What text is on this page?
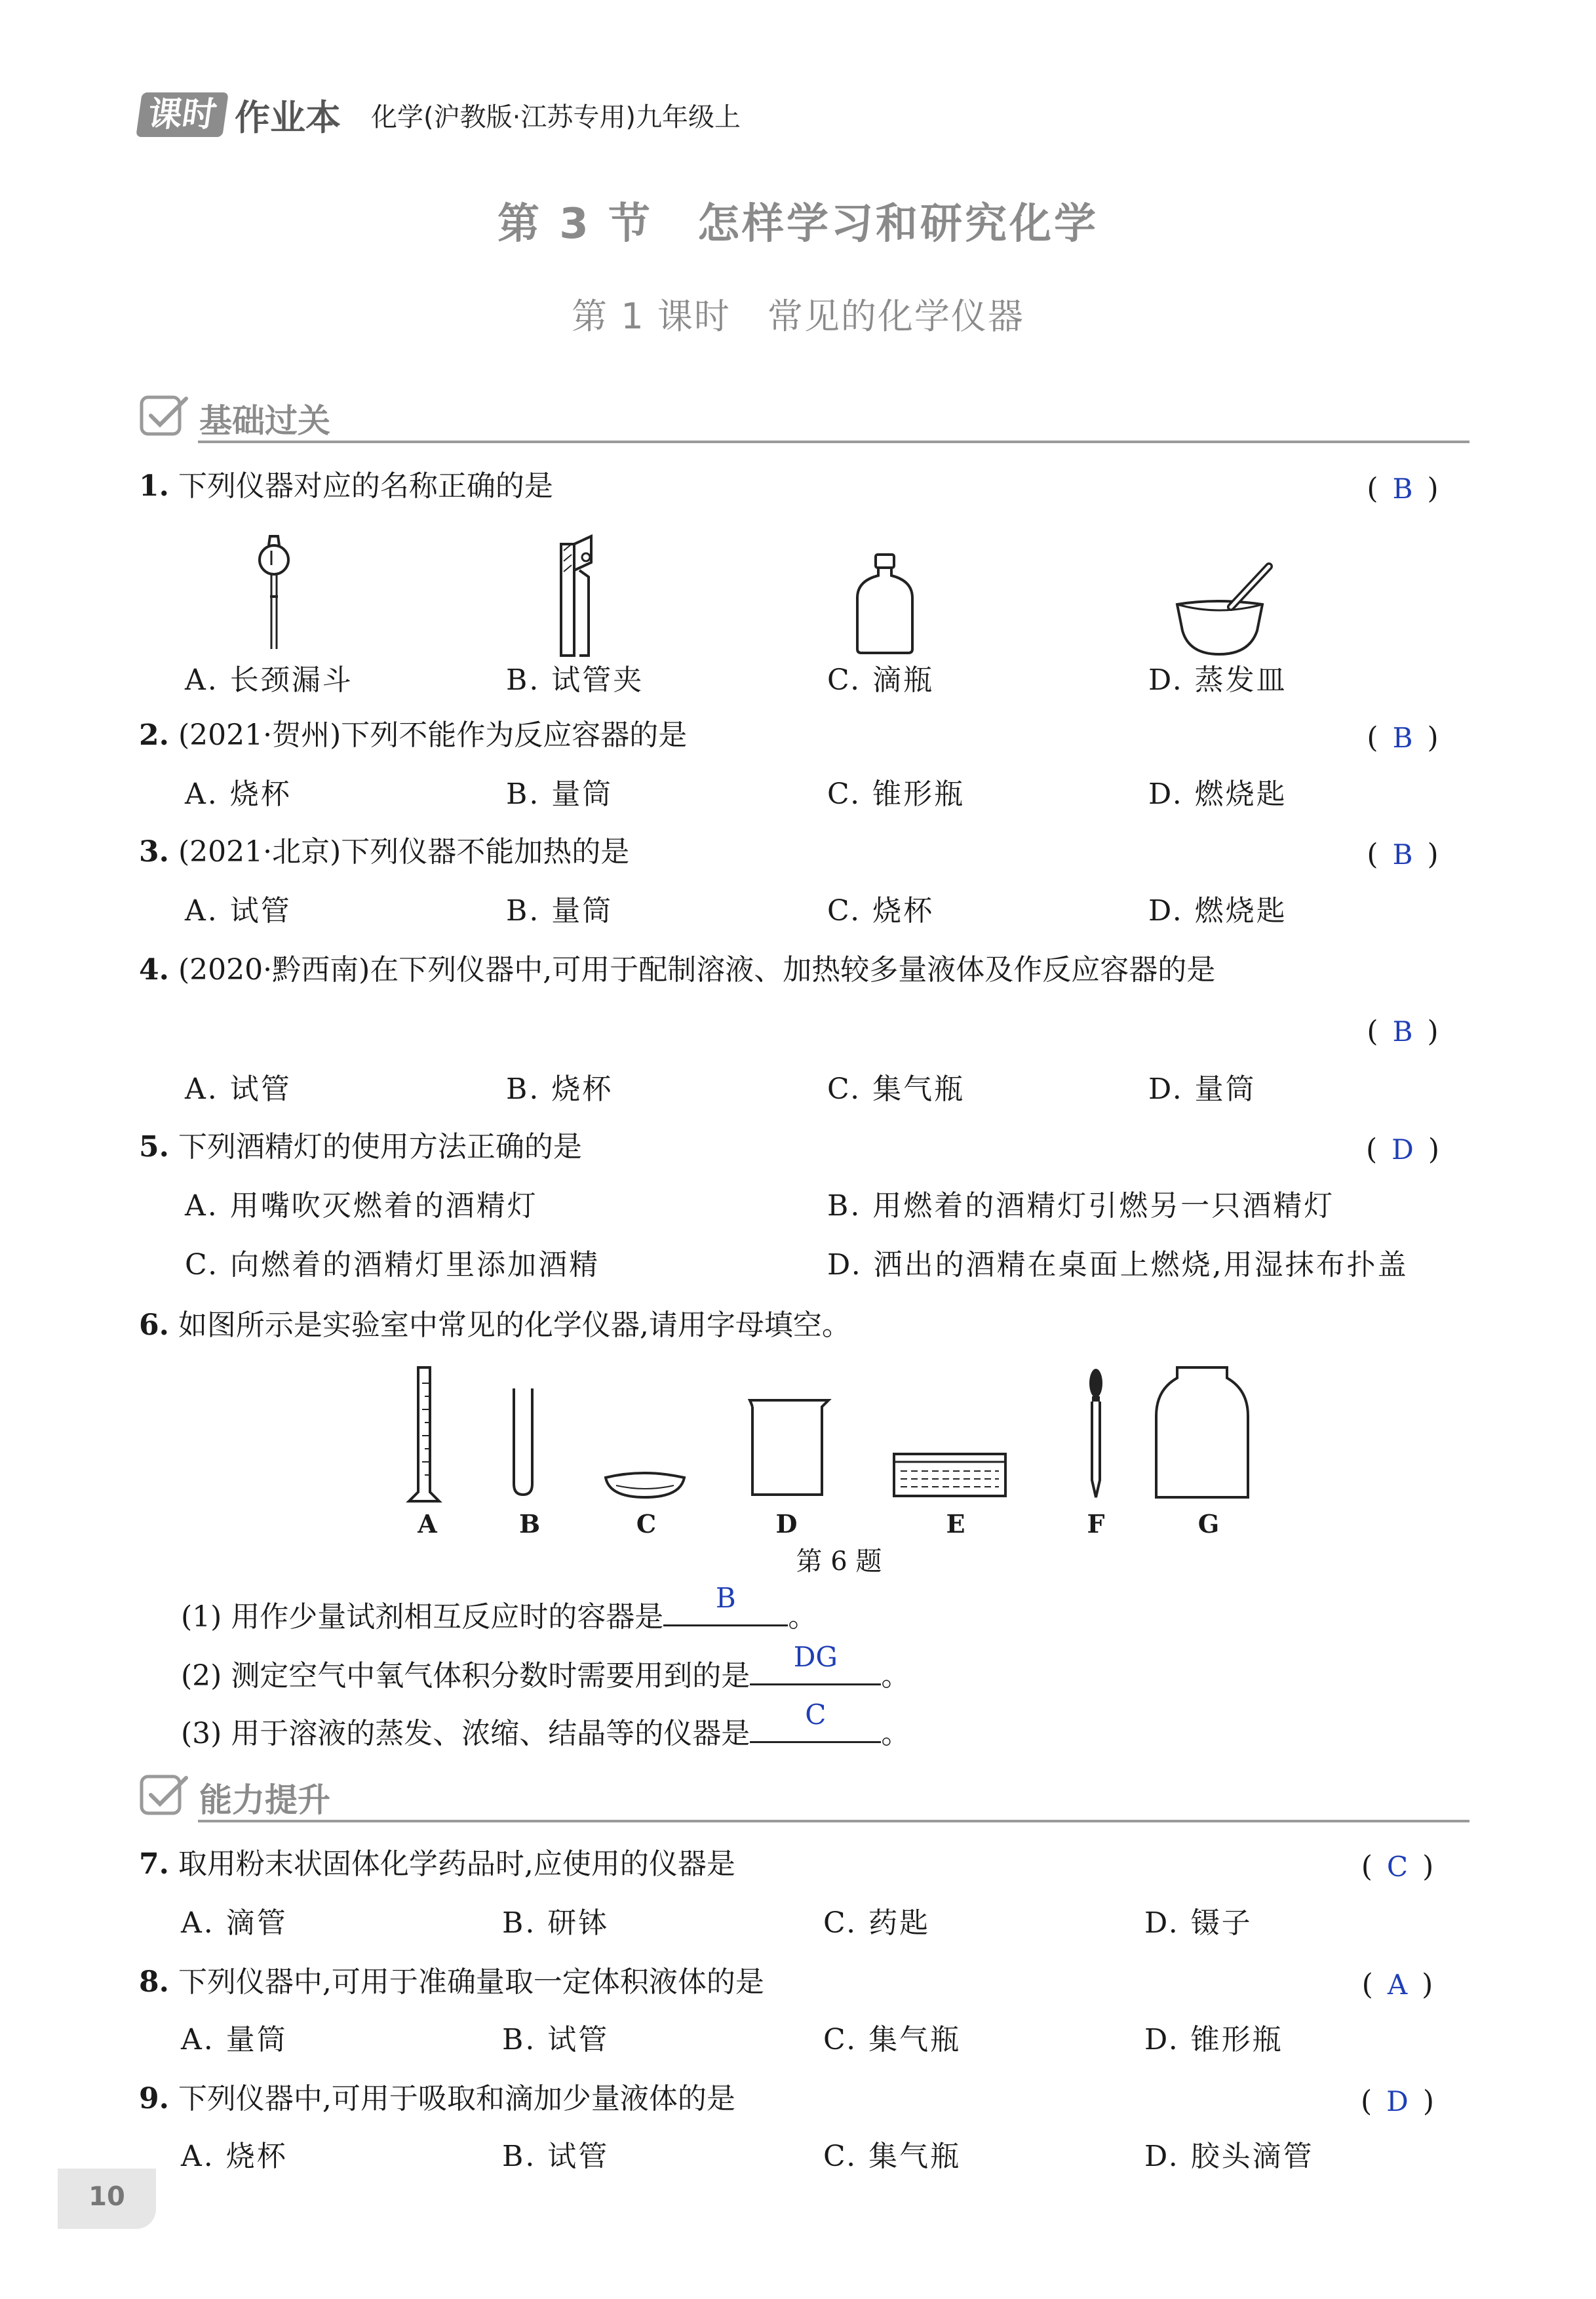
课时 作业本 化学(沪教版·江苏专用)九年级上
第 3 节　怎样学习和研究化学
第 1 课时　常见的化学仪器
基础过关
1. 下列仪器对应的名称正确的是	(  B  )
A. 长颈漏斗	B. 试管夹	C. 滴瓶	D. 蒸发皿
2. (2021·贺州)下列不能作为反应容器的是	(  B  )
A. 烧杯	B. 量筒	C. 锥形瓶	D. 燃烧匙
3. (2021·北京)下列仪器不能加热的是	(  B  )
A. 试管	B. 量筒	C. 烧杯	D. 燃烧匙
4. (2020·黔西南)在下列仪器中,可用于配制溶液、加热较多量液体及作反应容器的是
(  B  )
A. 试管	B. 烧杯	C. 集气瓶	D. 量筒
5. 下列酒精灯的使用方法正确的是	(  D  )
A. 用嘴吹灭燃着的酒精灯	B. 用燃着的酒精灯引燃另一只酒精灯
C. 向燃着的酒精灯里添加酒精	D. 洒出的酒精在桌面上燃烧,用湿抹布扑盖
6. 如图所示是实验室中常见的化学仪器,请用字母填空。
A	B	C	D	E	F	G
第 6 题
(1) 用作少量试剂相互反应时的容器是
B
。
(2) 测定空气中氧气体积分数时需要用到的是
DG
。
(3) 用于溶液的蒸发、浓缩、结晶等的仪器是
C
。
能力提升
7. 取用粉末状固体化学药品时,应使用的仪器是	(  C  )
A. 滴管	B. 研钵	C. 药匙	D. 镊子
8. 下列仪器中,可用于准确量取一定体积液体的是	(  A  )
A. 量筒	B. 试管	C. 集气瓶	D. 锥形瓶
9. 下列仪器中,可用于吸取和滴加少量液体的是	(  D  )
A. 烧杯	B. 试管	C. 集气瓶	D. 胶头滴管
10
